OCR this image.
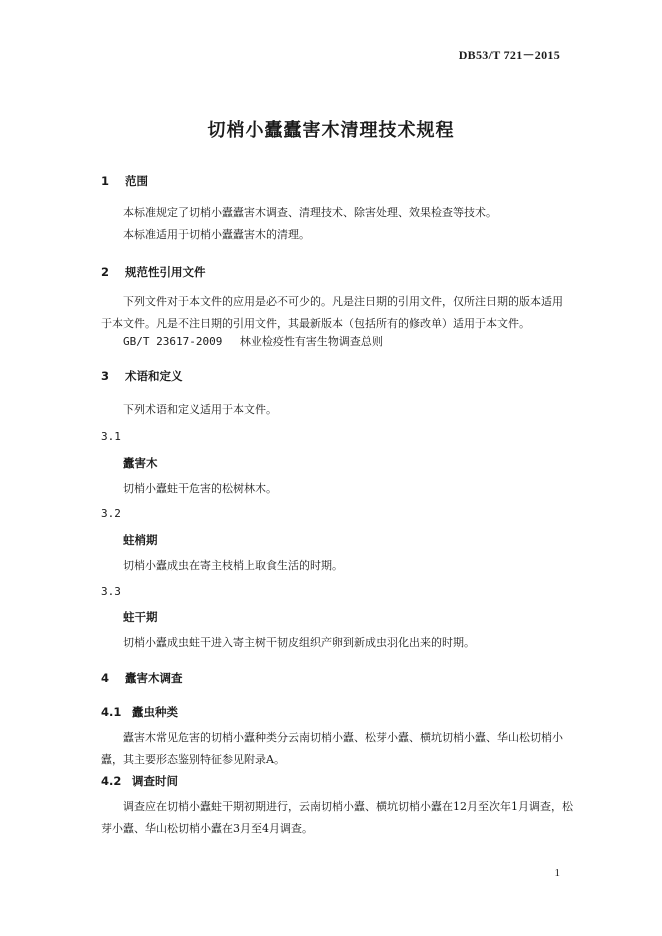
DB53/T 721－2015
切梢小蠹蠹害木清理技术规程
1 范围
本标准规定了切梢小蠹蠹害木调查、清理技术、除害处理、效果检查等技术。
本标准适用于切梢小蠹蠹害木的清理。
2 规范性引用文件
下列文件对于本文件的应用是必不可少的。凡是注日期的引用文件，仅所注日期的版本适用于本文件。凡是不注日期的引用文件，其最新版本（包括所有的修改单）适用于本文件。
GB/T 23617-2009 林业检疫性有害生物调查总则
3 术语和定义
下列术语和定义适用于本文件。
3.1
蠹害木
切梢小蠹蛀干危害的松树林木。
3.2
蛀梢期
切梢小蠹成虫在寄主枝梢上取食生活的时期。
3.3
蛀干期
切梢小蠹成虫蛀干进入寄主树干韧皮组织产卵到新成虫羽化出来的时期。
4 蠹害木调查
4.1 蠹虫种类
蠹害木常见危害的切梢小蠹种类分云南切梢小蠹、松芽小蠹、横坑切梢小蠹、华山松切梢小蠹，其主要形态鉴别特征参见附录A。
4.2 调查时间
调查应在切梢小蠹蛀干期初期进行，云南切梢小蠹、横坑切梢小蠹在12月至次年1月调查，松芽小蠹、华山松切梢小蠹在3月至4月调查。
1
